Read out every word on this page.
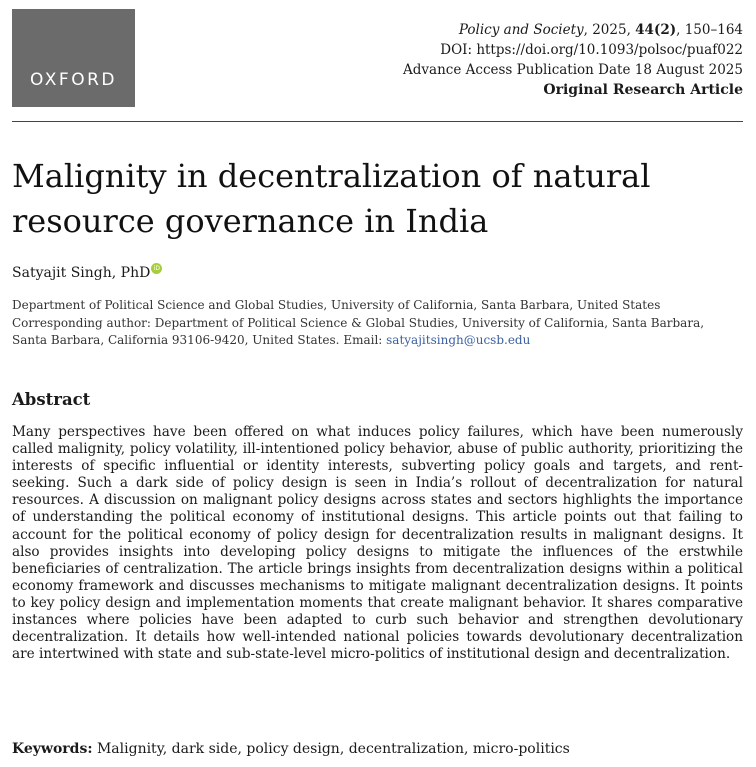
OXFORD
Policy and Society, 2025, 44(2), 150–164
DOI: https://doi.org/10.1093/polsoc/puaf022
Advance Access Publication Date 18 August 2025
Original Research Article
Malignity in decentralization of natural resource governance in India
Satyajit Singh, PhD iD
Department of Political Science and Global Studies, University of California, Santa Barbara, United States
Corresponding author: Department of Political Science & Global Studies, University of California, Santa Barbara, Santa Barbara, California 93106-9420, United States. Email: satyajitsingh@ucsb.edu
Abstract

Many perspectives have been offered on what induces policy failures, which have been numerously called malignity, policy volatility, ill-intentioned policy behavior, abuse of public authority, prioritizing the interests of specific influential or identity interests, subverting policy goals and targets, and rent-seeking. Such a dark side of policy design is seen in India’s rollout of decentralization for natural resources. A discussion on malignant policy designs across states and sectors highlights the importance of understanding the political economy of institutional designs. This article points out that failing to account for the political economy of policy design for decentralization results in malignant designs. It also provides insights into developing policy designs to mitigate the influences of the erstwhile beneficiaries of centralization. The article brings insights from decentralization designs within a political economy framework and discusses mechanisms to mitigate malignant decentralization designs. It points to key policy design and implementation moments that create malignant behavior. It shares comparative instances where policies have been adapted to curb such behavior and strengthen devolutionary decentralization. It details how well-intended national policies towards devolutionary decentralization are intertwined with state and sub-state-level micro-politics of institutional design and decentralization.

Keywords: Malignity, dark side, policy design, decentralization, micro-politics
